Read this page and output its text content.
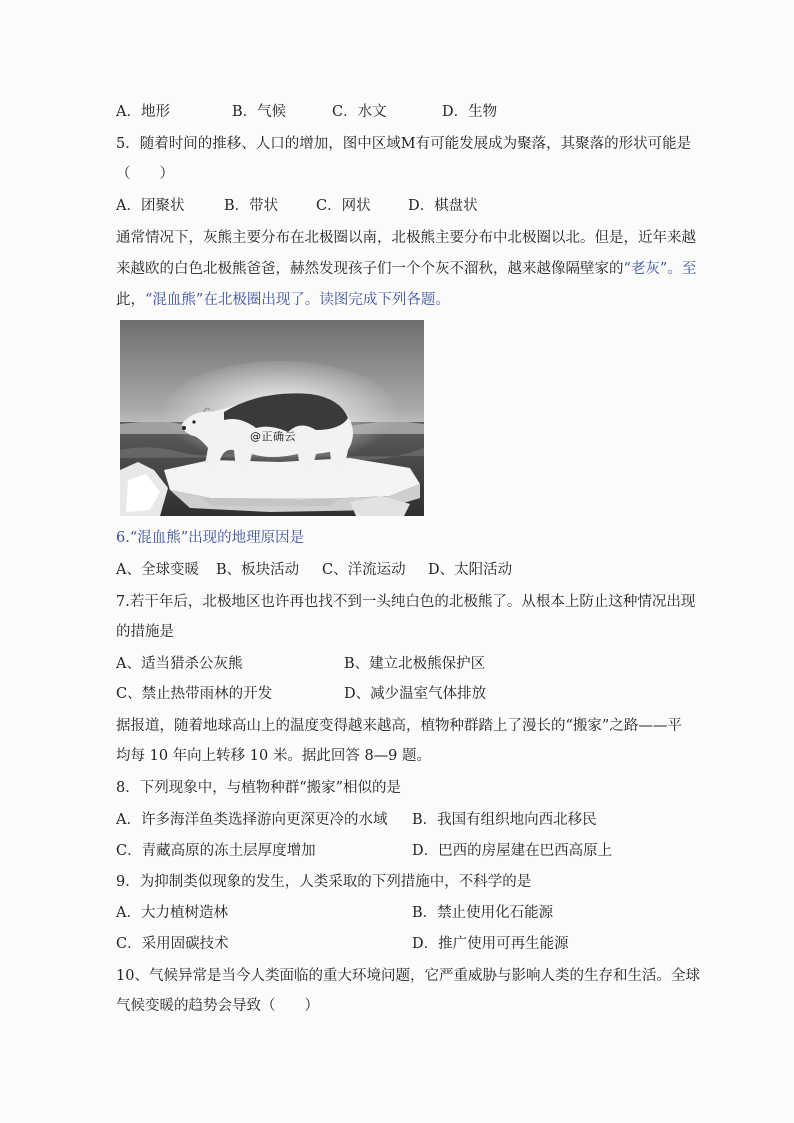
A．地形	B．气候	C．水文	D．生物
5．随着时间的推移、人口的增加，图中区域M有可能发展成为聚落，其聚落的形状可能是
（　　）
A．团聚状	B．带状	C．网状	D．棋盘状
通常情况下，灰熊主要分布在北极圈以南，北极熊主要分布中北极圈以北。但是，近年来越
来越欧的白色北极熊爸爸，赫然发现孩子们一个个灰不溜秋，越来越像隔壁家的“老灰”。至
此，“混血熊”在北极圈出现了。读图完成下列各题。
@正确云
6.“混血熊”出现的地理原因是
A、全球变暖 B、板块活动 C、洋流运动 D、太阳活动
7.若干年后，北极地区也许再也找不到一头纯白色的北极熊了。从根本上防止这种情况出现
的措施是
A、适当猎杀公灰熊	B、建立北极熊保护区
C、禁止热带雨林的开发	D、减少温室气体排放
据报道，随着地球高山上的温度变得越来越高，植物种群踏上了漫长的“搬家”之路——平
均每 10 年向上转移 10 米。据此回答 8—9 题。
8．下列现象中，与植物种群“搬家”相似的是
A．许多海洋鱼类选择游向更深更冷的水域 B．我国有组织地向西北移民
C．青藏高原的冻土层厚度增加	D．巴西的房屋建在巴西高原上
9．为抑制类似现象的发生，人类采取的下列措施中，不科学的是
A．大力植树造林	B．禁止使用化石能源
C．采用固碳技术	D．推广使用可再生能源
10、气候异常是当今人类面临的重大环境问题，它严重威胁与影响人类的生存和生活。全球
气候变暖的趋势会导致（　　）
